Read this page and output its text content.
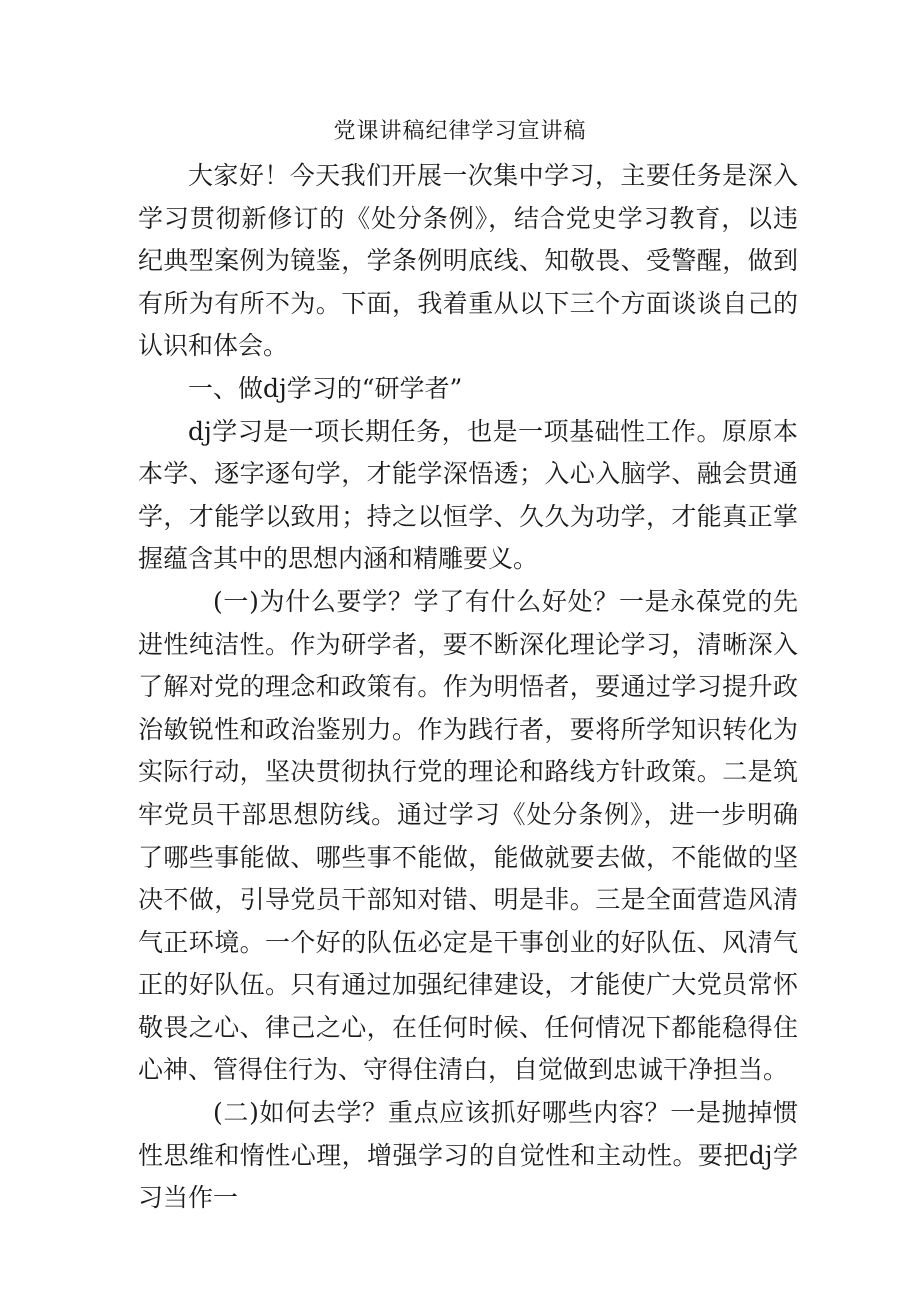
党课讲稿纪律学习宣讲稿

大家好！今天我们开展一次集中学习，主要任务是深入学习贯彻新修订的《处分条例》，结合党史学习教育，以违纪典型案例为镜鉴，学条例明底线、知敬畏、受警醒，做到有所为有所不为。下面，我着重从以下三个方面谈谈自己的认识和体会。

一、做dj学习的“研学者”

dj学习是一项长期任务，也是一项基础性工作。原原本本学、逐字逐句学，才能学深悟透；入心入脑学、融会贯通学，才能学以致用；持之以恒学、久久为功学，才能真正掌握蕴含其中的思想内涵和精雕要义。

(一)为什么要学？学了有什么好处？一是永葆党的先进性纯洁性。作为研学者，要不断深化理论学习，清晰深入了解对党的理念和政策有。作为明悟者，要通过学习提升政治敏锐性和政治鉴别力。作为践行者，要将所学知识转化为实际行动，坚决贯彻执行党的理论和路线方针政策。二是筑牢党员干部思想防线。通过学习《处分条例》，进一步明确了哪些事能做、哪些事不能做，能做就要去做，不能做的坚决不做，引导党员干部知对错、明是非。三是全面营造风清气正环境。一个好的队伍必定是干事创业的好队伍、风清气正的好队伍。只有通过加强纪律建设，才能使广大党员常怀敬畏之心、律己之心，在任何时候、任何情况下都能稳得住心神、管得住行为、守得住清白，自觉做到忠诚干净担当。

(二)如何去学？重点应该抓好哪些内容？一是抛掉惯性思维和惰性心理，增强学习的自觉性和主动性。要把dj学习当作一
